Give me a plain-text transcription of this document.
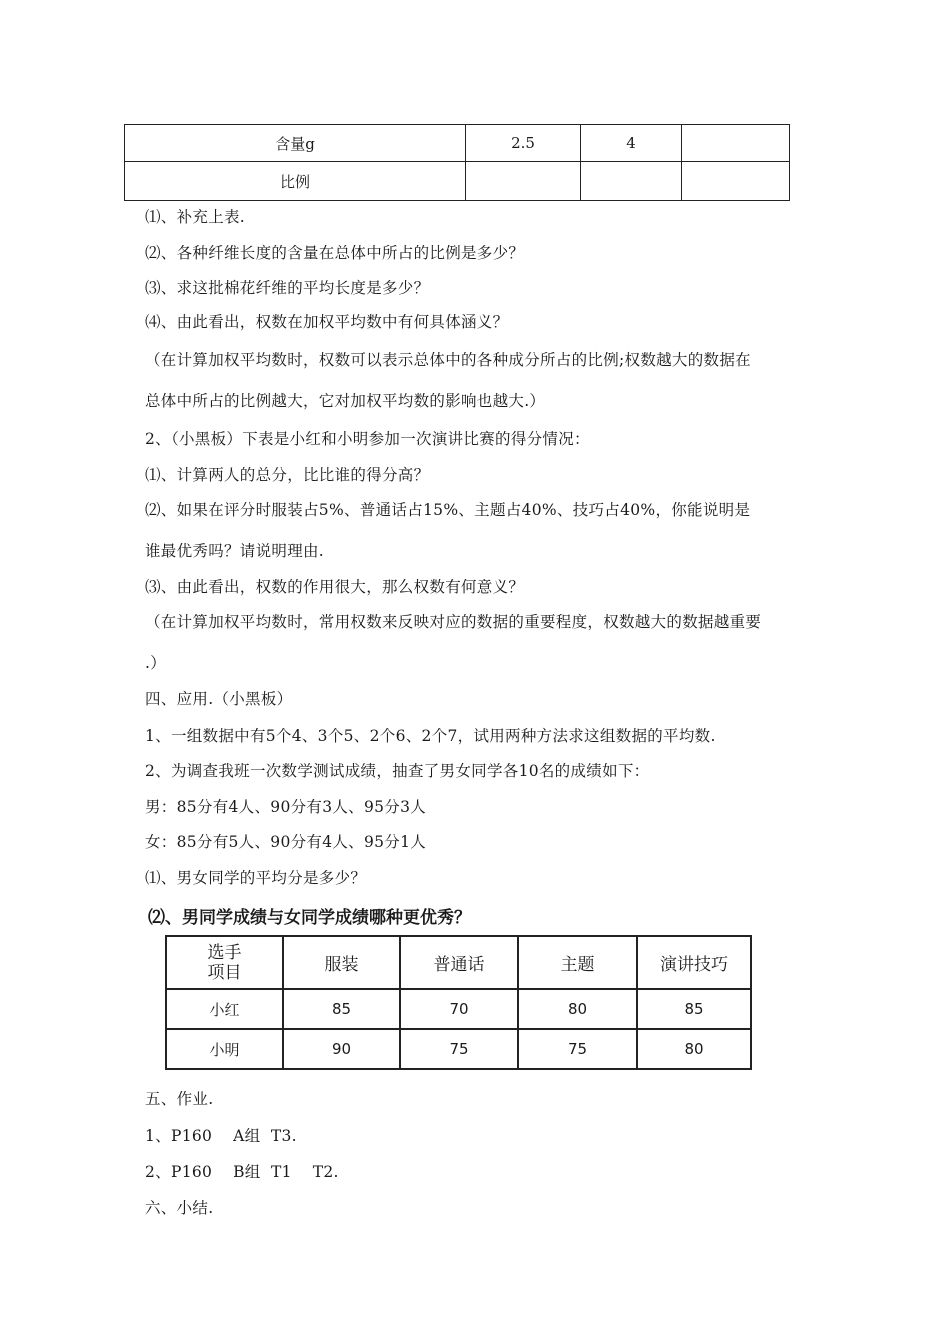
含量g	2.5	4	
比例			
⑴、补充上表.
⑵、各种纤维长度的含量在总体中所占的比例是多少？
⑶、求这批棉花纤维的平均长度是多少？
⑷、由此看出，权数在加权平均数中有何具体涵义？
（在计算加权平均数时，权数可以表示总体中的各种成分所占的比例;权数越大的数据在
总体中所占的比例越大，它对加权平均数的影响也越大.）
2、（小黑板）下表是小红和小明参加一次演讲比赛的得分情况：
⑴、计算两人的总分，比比谁的得分高？
⑵、如果在评分时服装占5%、普通话占15%、主题占40%、技巧占40%，你能说明是
谁最优秀吗？请说明理由.
⑶、由此看出，权数的作用很大，那么权数有何意义？
（在计算加权平均数时，常用权数来反映对应的数据的重要程度，权数越大的数据越重要
.）
四、应用.（小黑板）
1、一组数据中有5个4、3个5、2个6、2个7，试用两种方法求这组数据的平均数.
2、为调查我班一次数学测试成绩，抽查了男女同学各10名的成绩如下：
男：85分有4人、90分有3人、95分3人
女：85分有5人、90分有4人、95分1人
⑴、男女同学的平均分是多少？
⑵、男同学成绩与女同学成绩哪种更优秀？
选手
项目	服装	普通话	主题	演讲技巧
小红	85	70	80	85
小明	90	75	75	80
五、作业.
1、P160    A组  T3.
2、P160    B组  T1    T2.
六、小结.
